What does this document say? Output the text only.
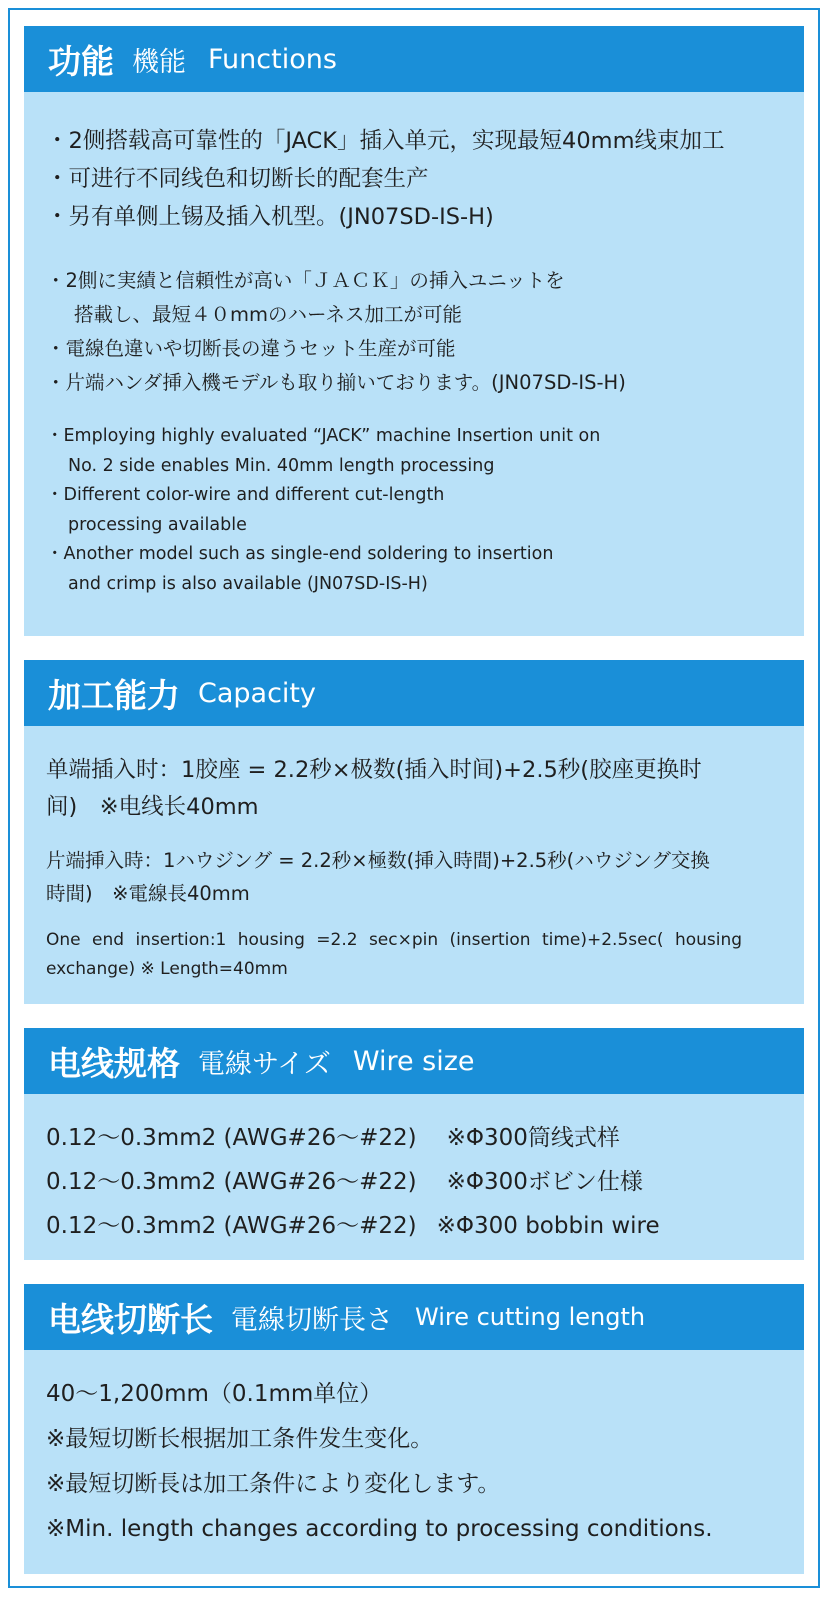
功能 機能 Functions
・2侧搭载高可靠性的「JACK」插入单元，实现最短40mm线束加工
・可进行不同线色和切断长的配套生产
・另有单侧上锡及插入机型。(JN07SD-IS-H)
・2側に実績と信頼性が高い「ＪＡＣＫ」の挿入ユニットを
搭載し、最短４０mmのハーネス加工が可能
・電線色違いや切断長の違うセット生産が可能
・片端ハンダ挿入機モデルも取り揃いております。(JN07SD-IS-H)
・Employing highly evaluated “JACK” machine Insertion unit on
No. 2 side enables Min. 40mm length processing
・Different color-wire and different cut-length
processing available
・Another model such as single-end soldering to insertion
and crimp is also available (JN07SD-IS-H)
加工能力 Capacity
单端插入时：1胶座 = 2.2秒×极数(插入时间)+2.5秒(胶座更换时
间)　※电线长40mm
片端挿入時：1ハウジング = 2.2秒×極数(挿入時間)+2.5秒(ハウジング交換
時間)　※電線長40mm
One end insertion:1 housing =2.2 sec×pin (insertion time)+2.5sec( housing
exchange) ※ Length=40mm
电线规格 電線サイズ Wire size
0.12～0.3mm2 (AWG#26～#22) ※Φ300筒线式样
0.12～0.3mm2 (AWG#26～#22) ※Φ300ボビン仕様
0.12～0.3mm2 (AWG#26～#22) ※Φ300 bobbin wire
电线切断长 電線切断長さ Wire cutting length
40～1,200mm（0.1mm单位）
※最短切断长根据加工条件发生变化。
※最短切断長は加工条件により変化します。
※Min. length changes according to processing conditions.
